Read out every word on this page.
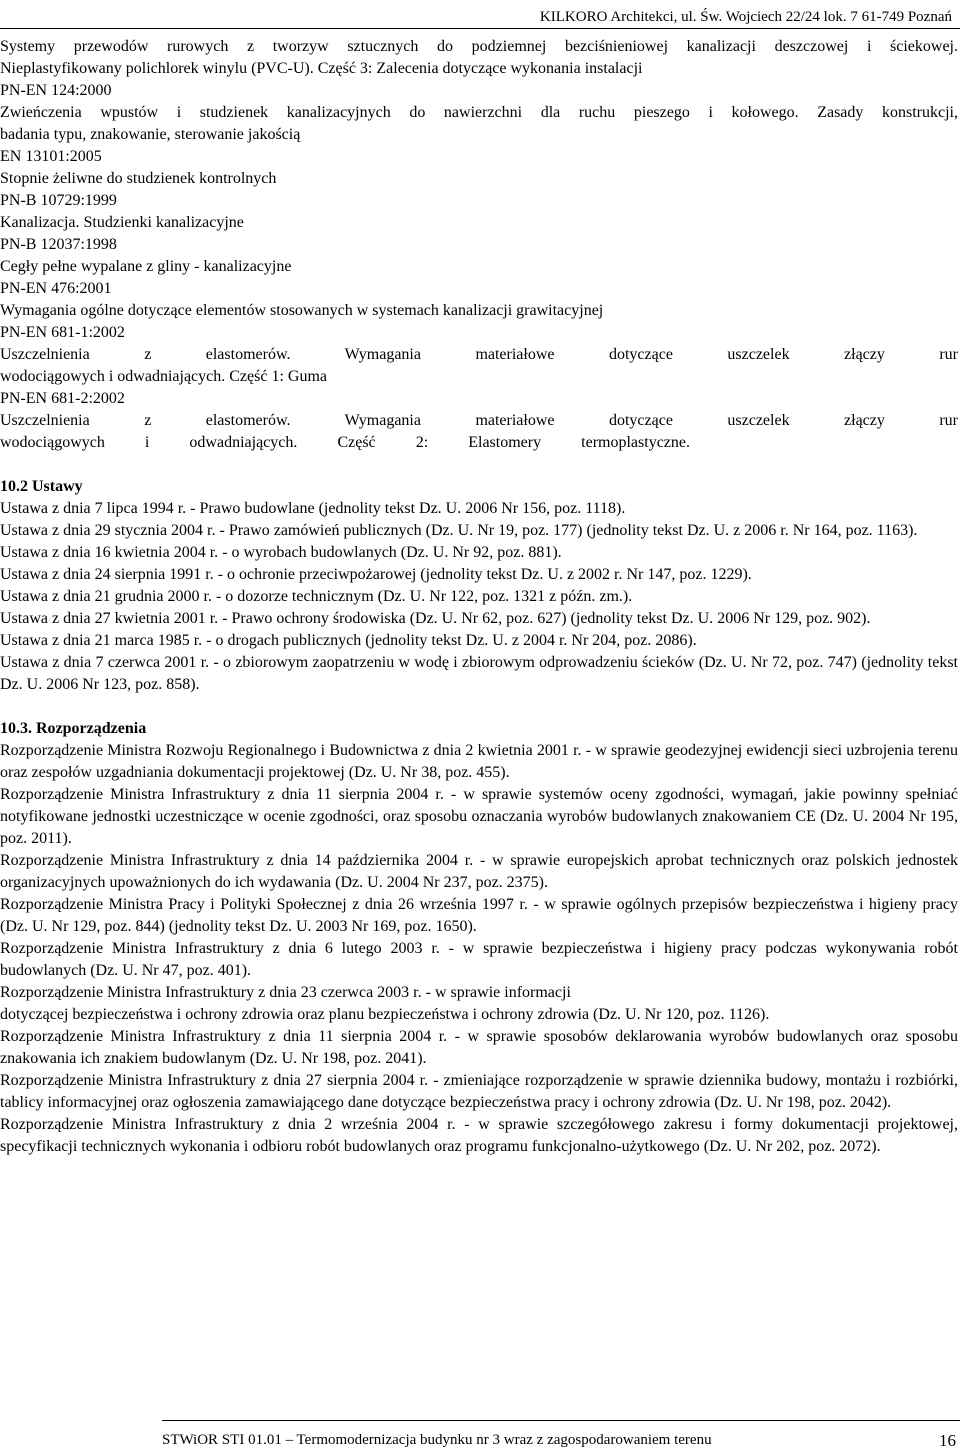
KILKORO Architekci, ul. Św. Wojciech 22/24 lok. 7 61-749 Poznań

Systemy przewodów rurowych z tworzyw sztucznych do podziemnej bezciśnieniowej kanalizacji deszczowej i ściekowej.

Nieplastyfikowany polichlorek winylu (PVC-U). Część 3: Zalecenia dotyczące wykonania instalacji

PN-EN 124:2000

Zwieńczenia wpustów i studzienek kanalizacyjnych do nawierzchni dla ruchu pieszego i kołowego. Zasady konstrukcji,

badania typu, znakowanie, sterowanie jakością

EN 13101:2005

Stopnie żeliwne do studzienek kontrolnych

PN-B 10729:1999

Kanalizacja. Studzienki kanalizacyjne

PN-B 12037:1998

Cegły pełne wypalane z gliny - kanalizacyjne

PN-EN 476:2001

Wymagania ogólne dotyczące elementów stosowanych w systemach kanalizacji grawitacyjnej

PN-EN 681-1:2002

Uszczelnienia z elastomerów. Wymagania materiałowe dotyczące uszczelek złączy rur

wodociągowych i odwadniających. Część 1: Guma

PN-EN 681-2:2002

Uszczelnienia z elastomerów. Wymagania materiałowe dotyczące uszczelek złączy rur

wodociągowych i odwadniających. Część 2: Elastomery termoplastyczne.

10.2 Ustawy

Ustawa z dnia 7 lipca 1994 r. - Prawo budowlane (jednolity tekst Dz. U. 2006 Nr 156, poz. 1118).

Ustawa z dnia 29 stycznia 2004 r. - Prawo zamówień publicznych (Dz. U. Nr 19, poz. 177) (jednolity tekst Dz. U. z 2006 r. Nr 164, poz. 1163).

Ustawa z dnia 16 kwietnia 2004 r. - o wyrobach budowlanych (Dz. U. Nr 92, poz. 881).

Ustawa z dnia 24 sierpnia 1991 r. - o ochronie przeciwpożarowej (jednolity tekst Dz. U. z 2002 r. Nr 147, poz. 1229).

Ustawa z dnia 21 grudnia 2000 r. - o dozorze technicznym (Dz. U. Nr 122, poz. 1321 z późn. zm.).

Ustawa z dnia 27 kwietnia 2001 r. - Prawo ochrony środowiska (Dz. U. Nr 62, poz. 627) (jednolity tekst Dz. U. 2006 Nr 129, poz. 902).

Ustawa z dnia 21 marca 1985 r. - o drogach publicznych (jednolity tekst Dz. U. z 2004 r. Nr 204, poz. 2086).

Ustawa z dnia 7 czerwca 2001 r. - o zbiorowym zaopatrzeniu w wodę i zbiorowym odprowadzeniu ścieków (Dz. U. Nr 72, poz. 747) (jednolity tekst Dz. U. 2006 Nr 123, poz. 858).

10.3. Rozporządzenia

Rozporządzenie Ministra Rozwoju Regionalnego i Budownictwa z dnia 2 kwietnia 2001 r. - w sprawie geodezyjnej ewidencji sieci uzbrojenia terenu oraz zespołów uzgadniania dokumentacji projektowej (Dz. U. Nr 38, poz. 455).

Rozporządzenie Ministra Infrastruktury z dnia 11 sierpnia 2004 r. - w sprawie systemów oceny zgodności, wymagań, jakie powinny spełniać notyfikowane jednostki uczestniczące w ocenie zgodności, oraz sposobu oznaczania wyrobów budowlanych znakowaniem CE (Dz. U. 2004 Nr 195, poz. 2011).

Rozporządzenie Ministra Infrastruktury z dnia 14 października 2004 r. - w sprawie europejskich aprobat technicznych oraz polskich jednostek organizacyjnych upoważnionych do ich wydawania (Dz. U. 2004 Nr 237, poz. 2375).

Rozporządzenie Ministra Pracy i Polityki Społecznej z dnia 26 września 1997 r. - w sprawie ogólnych przepisów bezpieczeństwa i higieny pracy (Dz. U. Nr 129, poz. 844) (jednolity tekst Dz. U. 2003 Nr 169, poz. 1650).

Rozporządzenie Ministra Infrastruktury z dnia 6 lutego 2003 r. - w sprawie bezpieczeństwa i higieny pracy podczas wykonywania robót budowlanych (Dz. U. Nr 47, poz. 401).

Rozporządzenie Ministra Infrastruktury z dnia 23 czerwca 2003 r. - w sprawie informacji

dotyczącej bezpieczeństwa i ochrony zdrowia oraz planu bezpieczeństwa i ochrony zdrowia (Dz. U. Nr 120, poz. 1126).

Rozporządzenie Ministra Infrastruktury z dnia 11 sierpnia 2004 r. - w sprawie sposobów deklarowania wyrobów budowlanych oraz sposobu znakowania ich znakiem budowlanym (Dz. U. Nr 198, poz. 2041).

Rozporządzenie Ministra Infrastruktury z dnia 27 sierpnia 2004 r. - zmieniające rozporządzenie w sprawie dziennika budowy, montażu i rozbiórki, tablicy informacyjnej oraz ogłoszenia zamawiającego dane dotyczące bezpieczeństwa pracy i ochrony zdrowia (Dz. U. Nr 198, poz. 2042).

Rozporządzenie Ministra Infrastruktury z dnia 2 września 2004 r. - w sprawie szczegółowego zakresu i formy dokumentacji projektowej, specyfikacji technicznych wykonania i odbioru robót budowlanych oraz programu funkcjonalno-użytkowego (Dz. U. Nr 202, poz. 2072).

STWiOR STI 01.01 – Termomodernizacja budynku nr 3 wraz z zagospodarowaniem terenu	16
